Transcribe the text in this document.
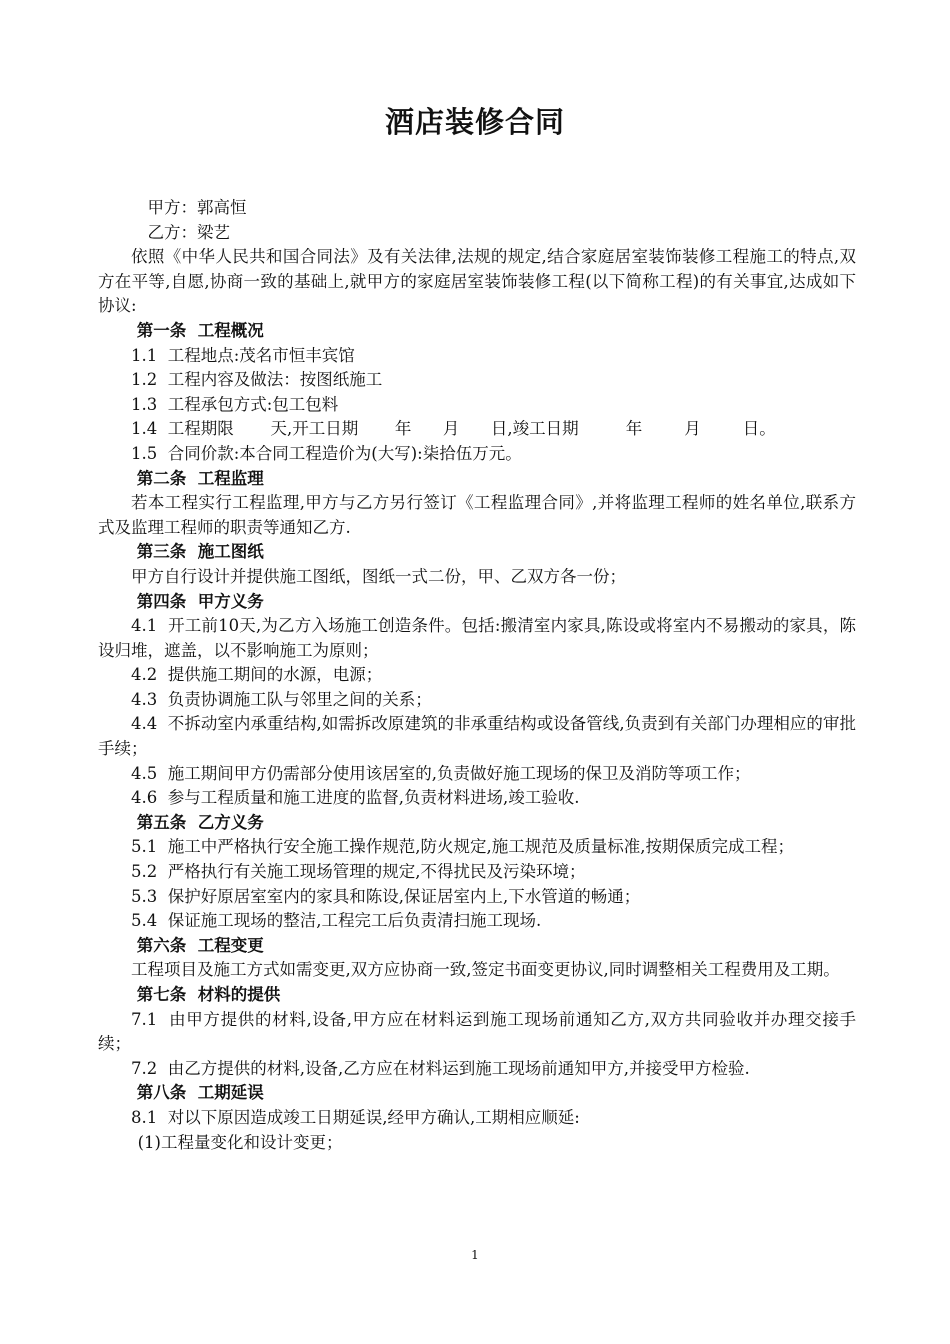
酒店装修合同

甲方：郭高恒

乙方：梁艺

依照《中华人民共和国合同法》及有关法律,法规的规定,结合家庭居室装饰装修工程施工的特点,双方在平等,自愿,协商一致的基础上,就甲方的家庭居室装饰装修工程(以下简称工程)的有关事宜,达成如下协议:

第一条  工程概况

1.1  工程地点:茂名市恒丰宾馆

1.2  工程内容及做法：按图纸施工

1.3  工程承包方式:包工包料

1.4  工程期限       天,开工日期       年      月      日,竣工日期         年        月        日。

1.5  合同价款:本合同工程造价为(大写):柒拾伍万元。

第二条  工程监理

若本工程实行工程监理,甲方与乙方另行签订《工程监理合同》,并将监理工程师的姓名单位,联系方式及监理工程师的职责等通知乙方.

第三条  施工图纸

甲方自行设计并提供施工图纸，图纸一式二份，甲、乙双方各一份；

第四条  甲方义务

4.1  开工前10天,为乙方入场施工创造条件。包括:搬清室内家具,陈设或将室内不易搬动的家具，陈设归堆，遮盖，以不影响施工为原则；

4.2  提供施工期间的水源，电源；

4.3  负责协调施工队与邻里之间的关系；

4.4  不拆动室内承重结构,如需拆改原建筑的非承重结构或设备管线,负责到有关部门办理相应的审批手续；

4.5  施工期间甲方仍需部分使用该居室的,负责做好施工现场的保卫及消防等项工作；

4.6  参与工程质量和施工进度的监督,负责材料进场,竣工验收.

第五条  乙方义务

5.1  施工中严格执行安全施工操作规范,防火规定,施工规范及质量标准,按期保质完成工程；

5.2  严格执行有关施工现场管理的规定,不得扰民及污染环境；

5.3  保护好原居室室内的家具和陈设,保证居室内上,下水管道的畅通；

5.4  保证施工现场的整洁,工程完工后负责清扫施工现场.

第六条  工程变更

工程项目及施工方式如需变更,双方应协商一致,签定书面变更协议,同时调整相关工程费用及工期。

第七条  材料的提供

7.1  由甲方提供的材料,设备,甲方应在材料运到施工现场前通知乙方,双方共同验收并办理交接手续；

7.2  由乙方提供的材料,设备,乙方应在材料运到施工现场前通知甲方,并接受甲方检验.

第八条  工期延误

8.1  对以下原因造成竣工日期延误,经甲方确认,工期相应顺延:

(1)工程量变化和设计变更；

1
